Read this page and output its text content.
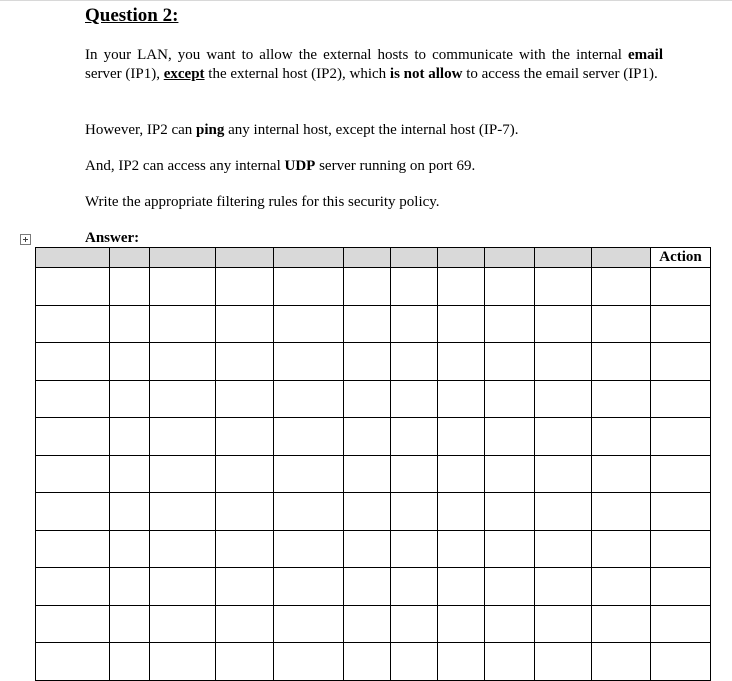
Question 2:
In your LAN, you want to allow the external hosts to communicate with the internal email server (IP1), except the external host (IP2), which is not allow to access the email server (IP1).
However, IP2 can ping any internal host, except the internal host (IP-7).
And, IP2 can access any internal UDP server running on port 69.
Write the appropriate filtering rules for this security policy.
Answer:
											Action
